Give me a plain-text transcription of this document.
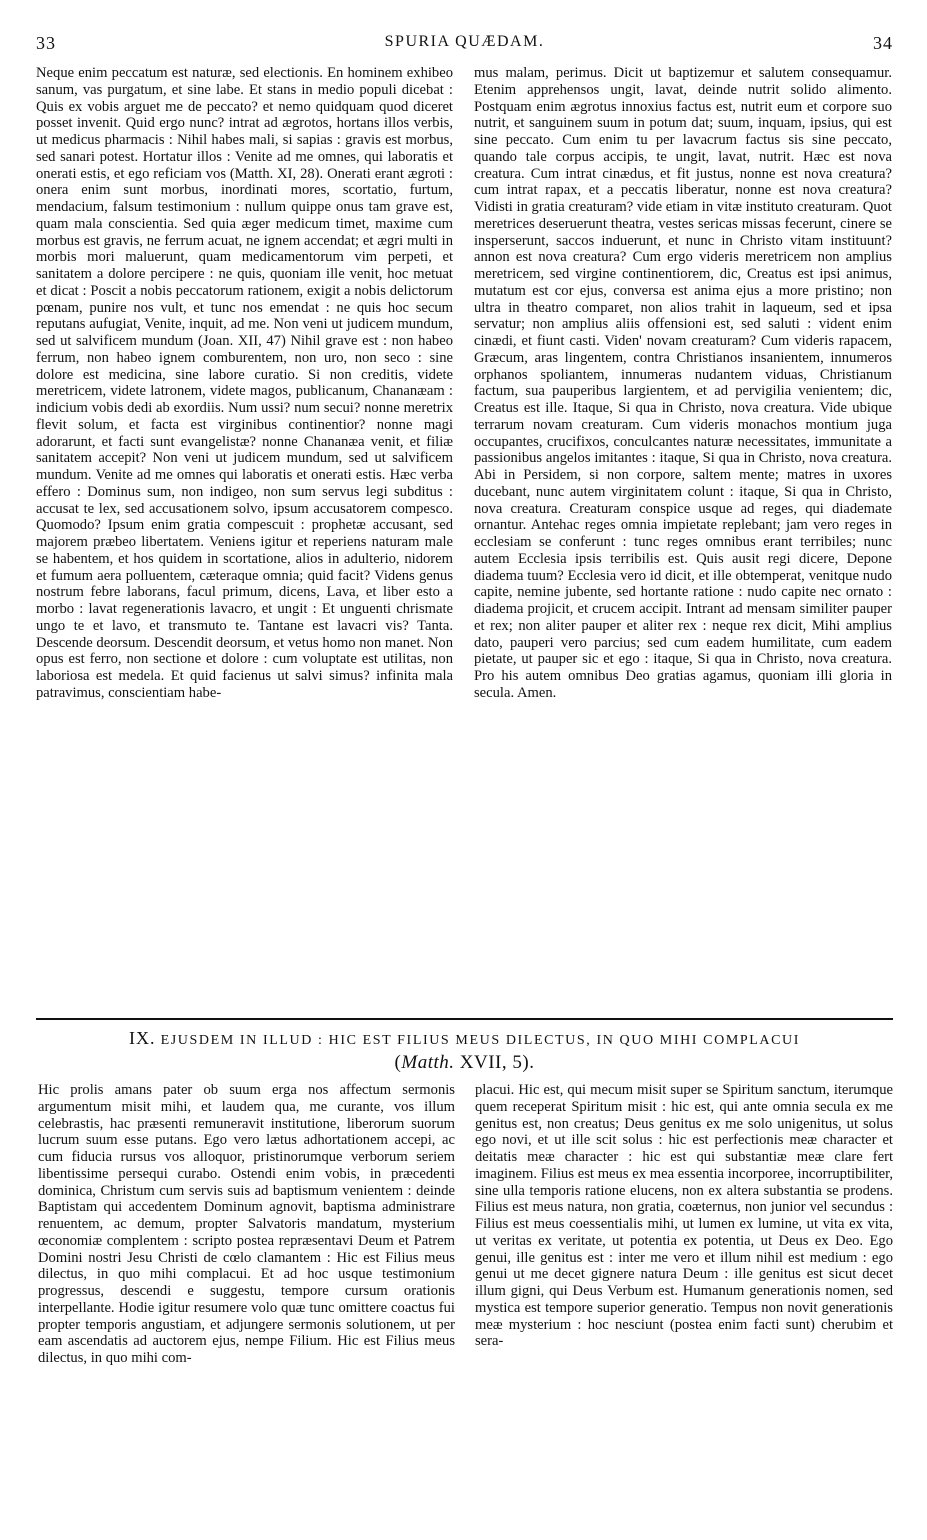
33	SPURIA QUÆDAM.	34

Neque enim peccatum est naturæ, sed electionis. En hominem exhibeo sanum, vas purgatum, et sine labe. Et stans in medio populi dicebat : Quis ex vobis arguet me de peccato? et nemo quidquam quod diceret posset invenit. Quid ergo nunc? intrat ad ægrotos, hortans illos verbis, ut medicus pharmacis : Nihil habes mali, si sapias : gravis est morbus, sed sanari potest. Hortatur illos : Venite ad me omnes, qui laboratis et onerati estis, et ego reficiam vos (Matth. XI, 28). Onerati erant ægroti : onera enim sunt morbus, inordinati mores, scortatio, furtum, mendacium, falsum testimonium : nullum quippe onus tam grave est, quam mala conscientia. Sed quia æger medicum timet, maxime cum morbus est gravis, ne ferrum acuat, ne ignem accendat; et ægri multi in morbis mori maluerunt, quam medicamentorum vim perpeti, et sanitatem a dolore percipere : ne quis, quoniam ille venit, hoc metuat et dicat : Poscit a nobis peccatorum rationem, exigit a nobis delictorum pœnam, punire nos vult, et tunc nos emendat : ne quis hoc secum reputans aufugiat, Venite, inquit, ad me. Non veni ut judicem mundum, sed ut salvificem mundum (Joan. XII, 47) Nihil grave est : non habeo ferrum, non habeo ignem comburentem, non uro, non seco : sine dolore est medicina, sine labore curatio. Si non creditis, videte meretricem, videte latronem, videte magos, publicanum, Chananæam : indicium vobis dedi ab exordiis. Num ussi? num secui? nonne meretrix flevit solum, et facta est virginibus continentior? nonne magi adorarunt, et facti sunt evangelistæ? nonne Chananæa venit, et filiæ sanitatem accepit? Non veni ut judicem mundum, sed ut salvificem mundum. Venite ad me omnes qui laboratis et onerati estis. Hæc verba effero : Dominus sum, non indigeo, non sum servus legi subditus : accusat te lex, sed accusationem solvo, ipsum accusatorem compesco. Quomodo? Ipsum enim gratia compescuit : prophetæ accusant, sed majorem præbeo libertatem. Veniens igitur et reperiens naturam male se habentem, et hos quidem in scortatione, alios in adulterio, nidorem et fumum aera polluentem, cæteraque omnia; quid facit? Videns genus nostrum febre laborans, facul primum, dicens, Lava, et liber esto a morbo : lavat regenerationis lavacro, et ungit : Et unguenti chrismate ungo te et lavo, et transmuto te. Tantane est lavacri vis? Tanta. Descende deorsum. Descendit deorsum, et vetus homo non manet. Non opus est ferro, non sectione et dolore : cum voluptate est utilitas, non laboriosa est medela. Et quid facienus ut salvi simus? infinita mala patravimus, conscientiam habe-

mus malam, perimus. Dicit ut baptizemur et salutem consequamur. Etenim apprehensos ungit, lavat, deinde nutrit solido alimento. Postquam enim ægrotus innoxius factus est, nutrit eum et corpore suo nutrit, et sanguinem suum in potum dat; suum, inquam, ipsius, qui est sine peccato. Cum enim tu per lavacrum factus sis sine peccato, quando tale corpus accipis, te ungit, lavat, nutrit. Hæc est nova creatura. Cum intrat cinædus, et fit justus, nonne est nova creatura? cum intrat rapax, et a peccatis liberatur, nonne est nova creatura? Vidisti in gratia creaturam? vide etiam in vitæ instituto creaturam. Quot meretrices deseruerunt theatra, vestes sericas missas fecerunt, cinere se insperserunt, saccos induerunt, et nunc in Christo vitam instituunt? annon est nova creatura? Cum ergo videris meretricem non amplius meretricem, sed virgine continentiorem, dic, Creatus est ipsi animus, mutatum est cor ejus, conversa est anima ejus a more pristino; non ultra in theatro comparet, non alios trahit in laqueum, sed et ipsa servatur; non amplius aliis offensioni est, sed saluti : vident enim cinædi, et fiunt casti. Viden' novam creaturam? Cum videris rapacem, Græcum, aras lingentem, contra Christianos insanientem, innumeros orphanos spoliantem, innumeras nudantem viduas, Christianum factum, sua pauperibus largientem, et ad pervigilia venientem; dic, Creatus est ille. Itaque, Si qua in Christo, nova creatura. Vide ubique terrarum novam creaturam. Cum videris monachos montium juga occupantes, crucifixos, conculcantes naturæ necessitates, immunitate a passionibus angelos imitantes : itaque, Si qua in Christo, nova creatura. Abi in Persidem, si non corpore, saltem mente; matres in uxores ducebant, nunc autem virginitatem colunt : itaque, Si qua in Christo, nova creatura. Creaturam conspice usque ad reges, qui diademate ornantur. Antehac reges omnia impietate replebant; jam vero reges in ecclesiam se conferunt : tunc reges omnibus erant terribiles; nunc autem Ecclesia ipsis terribilis est. Quis ausit regi dicere, Depone diadema tuum? Ecclesia vero id dicit, et ille obtemperat, venitque nudo capite, nemine jubente, sed hortante ratione : nudo capite nec ornato : diadema projicit, et crucem accipit. Intrant ad mensam similiter pauper et rex; non aliter pauper et aliter rex : neque rex dicit, Mihi amplius dato, pauperi vero parcius; sed cum eadem humilitate, cum eadem pietate, ut pauper sic et ego : itaque, Si qua in Christo, nova creatura. Pro his autem omnibus Deo gratias agamus, quoniam illi gloria in secula. Amen.

IX. EJUSDEM IN ILLUD : HIC EST FILIUS MEUS DILECTUS, IN QUO MIHI COMPLACUI
(Matth. XVII, 5).

Hic prolis amans pater ob suum erga nos affectum sermonis argumentum misit mihi, et laudem qua, me curante, vos illum celebrastis, hac præsenti remuneravit institutione, liberorum suorum lucrum suum esse putans. Ego vero lætus adhortationem accepi, ac cum fiducia rursus vos alloquor, pristinorumque verborum seriem libentissime persequi curabo. Ostendi enim vobis, in præcedenti dominica, Christum cum servis suis ad baptismum venientem : deinde Baptistam qui accedentem Dominum agnovit, baptisma administrare renuentem, ac demum, propter Salvatoris mandatum, mysterium œconomiæ complentem : scripto postea repræsentavi Deum et Patrem Domini nostri Jesu Christi de cœlo clamantem : Hic est Filius meus dilectus, in quo mihi complacui. Et ad hoc usque testimonium progressus, descendi e suggestu, tempore cursum orationis interpellante. Hodie igitur resumere volo quæ tunc omittere coactus fui propter temporis angustiam, et adjungere sermonis solutionem, ut per eam ascendatis ad auctorem ejus, nempe Filium. Hic est Filius meus dilectus, in quo mihi com-

placui. Hic est, qui mecum misit super se Spiritum sanctum, iterumque quem receperat Spiritum misit : hic est, qui ante omnia secula ex me genitus est, non creatus; Deus genitus ex me solo unigenitus, ut solus ego novi, et ut ille scit solus : hic est perfectionis meæ character et deitatis meæ character : hic est qui substantiæ meæ clare fert imaginem. Filius est meus ex mea essentia incorporee, incorruptibiliter, sine ulla temporis ratione elucens, non ex altera substantia se prodens. Filius est meus natura, non gratia, coæternus, non junior vel secundus : Filius est meus coessentialis mihi, ut lumen ex lumine, ut vita ex vita, ut veritas ex veritate, ut potentia ex potentia, ut Deus ex Deo. Ego genui, ille genitus est : inter me vero et illum nihil est medium : ego genui ut me decet gignere natura Deum : ille genitus est sicut decet illum gigni, qui Deus Verbum est. Humanum generationis nomen, sed mystica est tempore superior generatio. Tempus non novit generationis meæ mysterium : hoc nesciunt (postea enim facti sunt) cherubim et sera-
